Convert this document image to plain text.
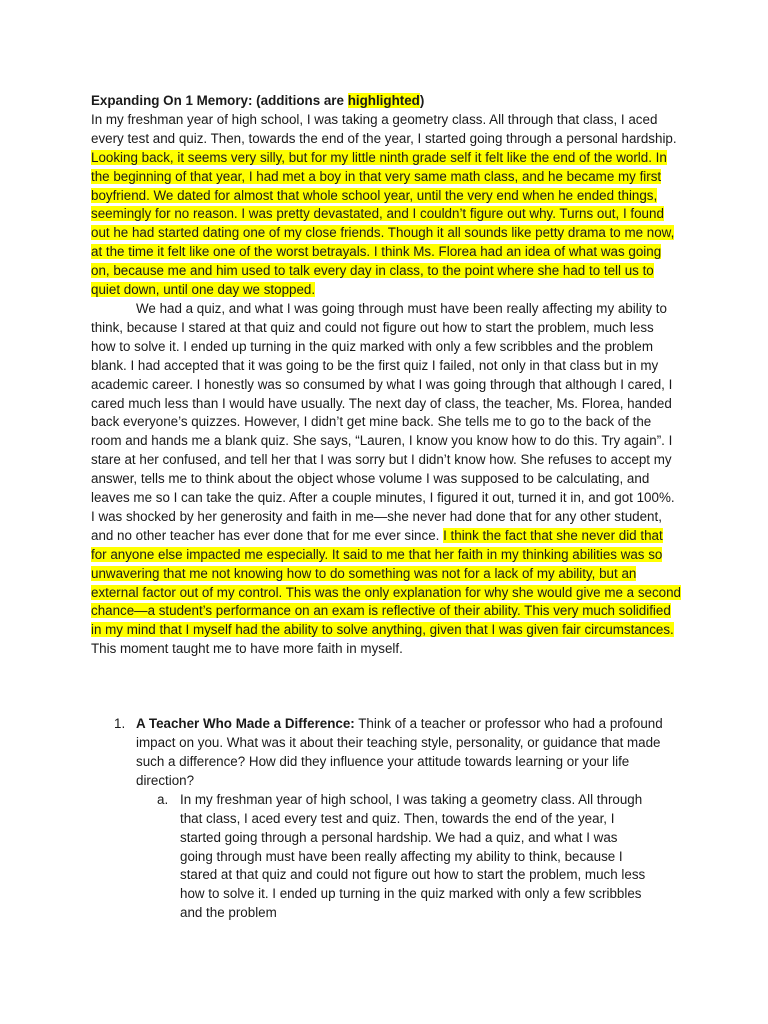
Expanding On 1 Memory: (additions are highlighted)

In my freshman year of high school, I was taking a geometry class. All through that class, I aced every test and quiz. Then, towards the end of the year, I started going through a personal hardship. Looking back, it seems very silly, but for my little ninth grade self it felt like the end of the world. In the beginning of that year, I had met a boy in that very same math class, and he became my first boyfriend. We dated for almost that whole school year, until the very end when he ended things, seemingly for no reason. I was pretty devastated, and I couldn’t figure out why. Turns out, I found out he had started dating one of my close friends. Though it all sounds like petty drama to me now, at the time it felt like one of the worst betrayals. I think Ms. Florea had an idea of what was going on, because me and him used to talk every day in class, to the point where she had to tell us to quiet down, until one day we stopped.

We had a quiz, and what I was going through must have been really affecting my ability to think, because I stared at that quiz and could not figure out how to start the problem, much less how to solve it. I ended up turning in the quiz marked with only a few scribbles and the problem blank. I had accepted that it was going to be the first quiz I failed, not only in that class but in my academic career. I honestly was so consumed by what I was going through that although I cared, I cared much less than I would have usually. The next day of class, the teacher, Ms. Florea, handed back everyone’s quizzes. However, I didn’t get mine back. She tells me to go to the back of the room and hands me a blank quiz. She says, “Lauren, I know you know how to do this. Try again”. I stare at her confused, and tell her that I was sorry but I didn’t know how. She refuses to accept my answer, tells me to think about the object whose volume I was supposed to be calculating, and leaves me so I can take the quiz. After a couple minutes, I figured it out, turned it in, and got 100%. I was shocked by her generosity and faith in me—she never had done that for any other student, and no other teacher has ever done that for me ever since. I think the fact that she never did that for anyone else impacted me especially. It said to me that her faith in my thinking abilities was so unwavering that me not knowing how to do something was not for a lack of my ability, but an external factor out of my control. This was the only explanation for why she would give me a second chance—a student’s performance on an exam is reflective of their ability. This very much solidified in my mind that I myself had the ability to solve anything, given that I was given fair circumstances. This moment taught me to have more faith in myself.

1. A Teacher Who Made a Difference: Think of a teacher or professor who had a profound impact on you. What was it about their teaching style, personality, or guidance that made such a difference? How did they influence your attitude towards learning or your life direction?

a. In my freshman year of high school, I was taking a geometry class. All through that class, I aced every test and quiz. Then, towards the end of the year, I started going through a personal hardship. We had a quiz, and what I was going through must have been really affecting my ability to think, because I stared at that quiz and could not figure out how to start the problem, much less how to solve it. I ended up turning in the quiz marked with only a few scribbles and the problem
